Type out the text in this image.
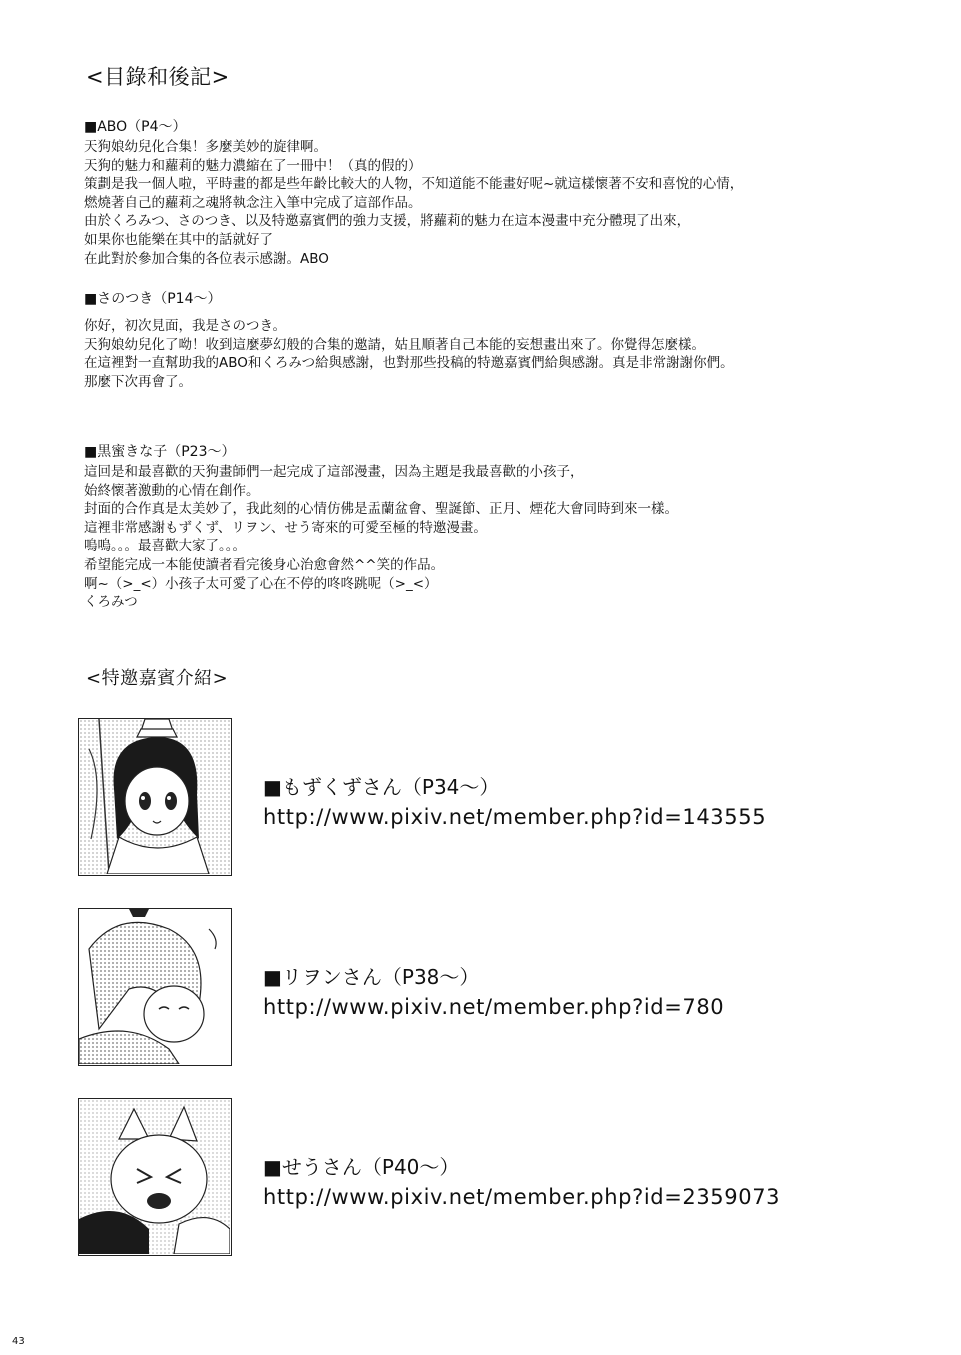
<目錄和後記>
■ABO（P4～）
天狗娘幼兒化合集！多麼美妙的旋律啊。
天狗的魅力和蘿莉的魅力濃縮在了一冊中！（真的假的）
策劃是我一個人啦，平時畫的都是些年齡比較大的人物，不知道能不能畫好呢~就這樣懷著不安和喜悅的心情，
燃燒著自己的蘿莉之魂將執念注入筆中完成了這部作品。
由於くろみつ、さのつき、以及特邀嘉賓們的強力支援，將蘿莉的魅力在這本漫畫中充分體現了出來，
如果你也能樂在其中的話就好了
在此對於參加合集的各位表示感謝。ABO
■さのつき（P14～）
你好，初次見面，我是さのつき。
天狗娘幼兒化了呦！收到這麼夢幻般的合集的邀請，姑且順著自己本能的妄想畫出來了。你覺得怎麼樣。
在這裡對一直幫助我的ABO和くろみつ給與感謝，也對那些投稿的特邀嘉賓們給與感謝。真是非常謝謝你們。
那麼下次再會了。
■黒蜜きな子（P23～）
這回是和最喜歡的天狗畫師們一起完成了這部漫畫，因為主題是我最喜歡的小孩子，
始終懷著激動的心情在創作。
封面的合作真是太美妙了，我此刻的心情仿佛是盂蘭盆會、聖誕節、正月、煙花大會同時到來一樣。
這裡非常感謝もずくず、リヲン、せう寄來的可愛至極的特邀漫畫。
嗚嗚。。。最喜歡大家了。。。
希望能完成一本能使讀者看完後身心治愈會然^^笑的作品。
啊~（>_<）小孩子太可愛了心在不停的咚咚跳呢（>_<）
くろみつ
<特邀嘉賓介紹>
■もずくずさん（P34～）
http://www.pixiv.net/member.php?id=143555
■リヲンさん（P38～）
http://www.pixiv.net/member.php?id=780
■せうさん（P40～）
http://www.pixiv.net/member.php?id=2359073
43
